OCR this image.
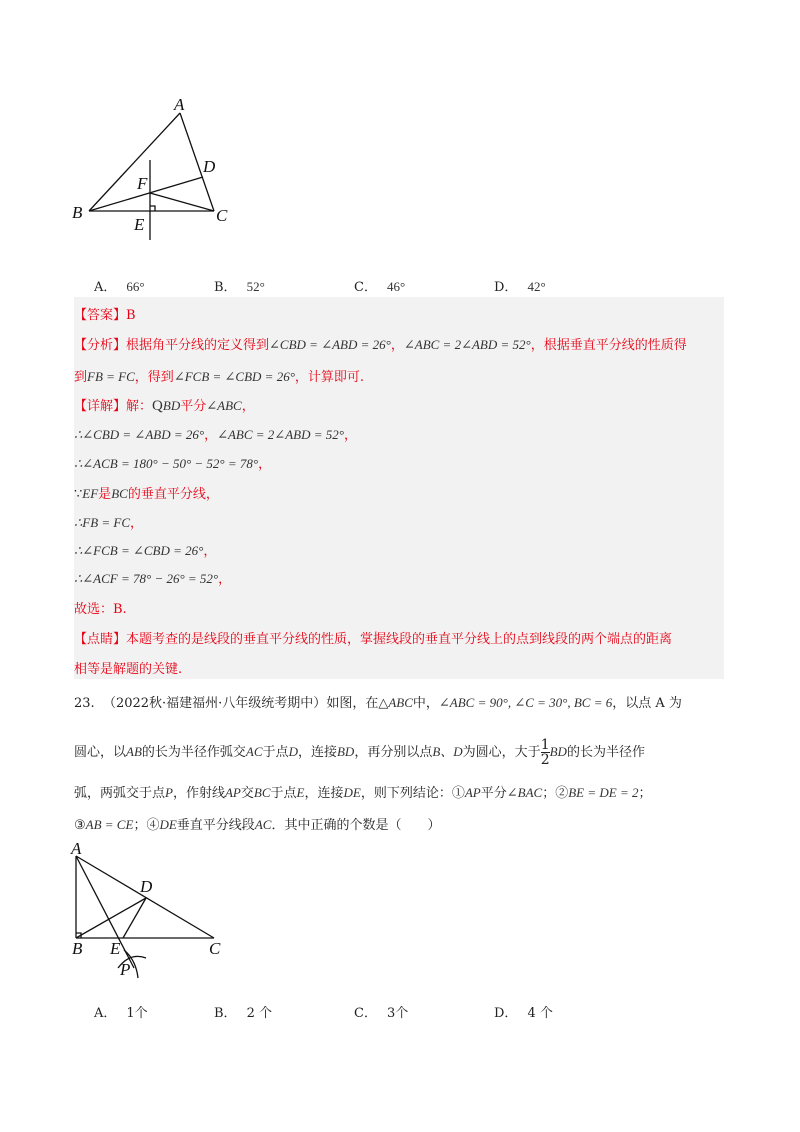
A
D
F
B	C
E
A． 66°	B． 52°	C． 46°	D． 42°
【答案】B
【分析】根据角平分线的定义得到∠CBD = ∠ABD = 26°，∠ABC = 2∠ABD = 52°，根据垂直平分线的性质得
到FB = FC，得到∠FCB = ∠CBD = 26°，计算即可.
【详解】解：QBD平分∠ABC，
∴∠CBD = ∠ABD = 26°，∠ABC = 2∠ABD = 52°，
∴∠ACB = 180° − 50° − 52° = 78°，
∵EF是BC的垂直平分线，
∴FB = FC，
∴∠FCB = ∠CBD = 26°，
∴∠ACF = 78° − 26° = 52°，
故选：B.
【点睛】本题考查的是线段的垂直平分线的性质，掌握线段的垂直平分线上的点到线段的两个端点的距离
相等是解题的关键.
23. （2022秋·福建福州·八年级统考期中）如图，在△ABC中，∠ABC = 90°, ∠C = 30°, BC = 6，以点 A 为
圆心，以AB的长为半径作弧交AC于点D，连接BD，再分别以点B、D为圆心，大于 $\frac{1}{2}$ BD的长为半径作
弧，两弧交于点P，作射线AP交BC于点E，连接DE，则下列结论：①AP平分∠BAC；②BE = DE = 2；
③AB = CE；④DE垂直平分线段AC．其中正确的个数是（　　）
A
D
B E	C
P
A． 1个	B． 2 个	C． 3个	D． 4 个
